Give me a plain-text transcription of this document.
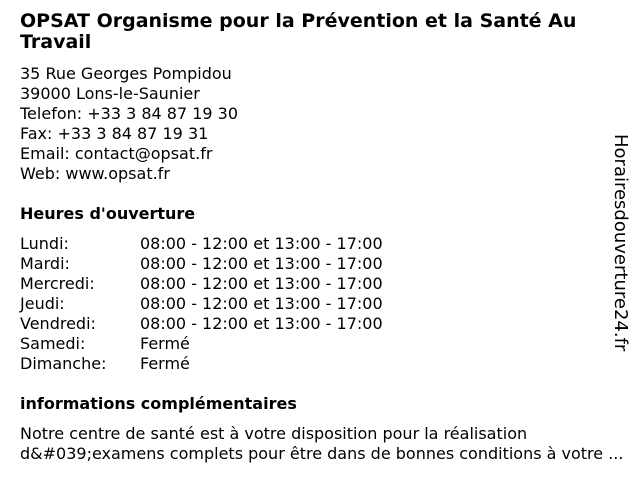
OPSAT Organisme pour la Prévention et la Santé Au Travail
35 Rue Georges Pompidou
39000 Lons-le-Saunier
Telefon: +33 3 84 87 19 30
Fax: +33 3 84 87 19 31
Email: contact@opsat.fr
Web: www.opsat.fr
Heures d'ouverture
Lundi:	08:00 - 12:00 et 13:00 - 17:00
Mardi:	08:00 - 12:00 et 13:00 - 17:00
Mercredi:	08:00 - 12:00 et 13:00 - 17:00
Jeudi:	08:00 - 12:00 et 13:00 - 17:00
Vendredi:	08:00 - 12:00 et 13:00 - 17:00
Samedi:	Fermé
Dimanche:	Fermé
informations complémentaires
Notre centre de santé est à votre disposition pour la réalisation d&#039;examens complets pour être dans de bonnes conditions à votre ...
Horairesdouverture24.fr
